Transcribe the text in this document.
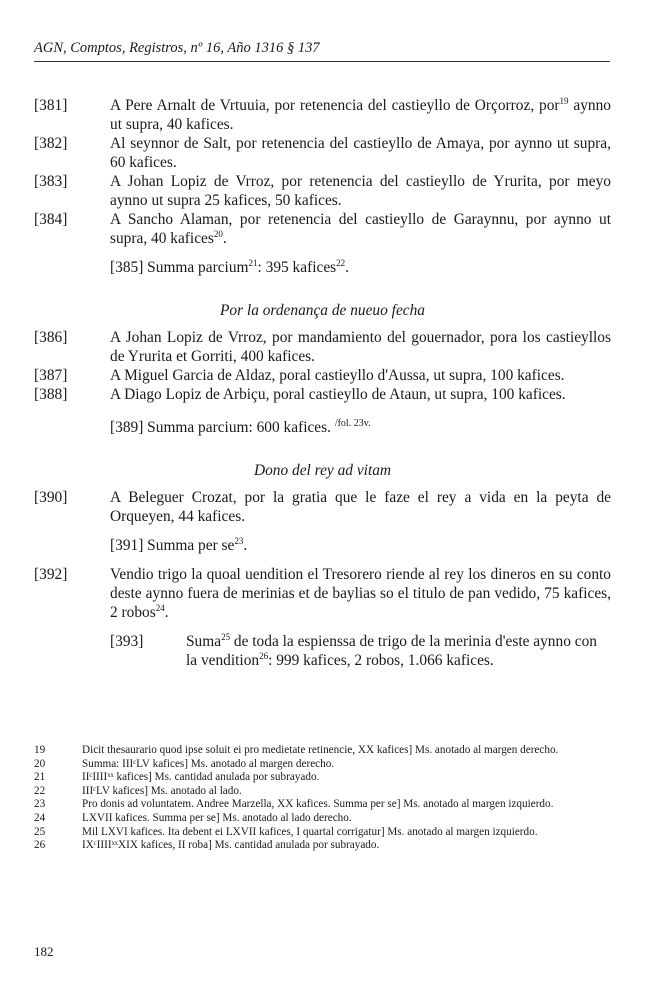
AGN, Comptos, Registros, nº 16, Año 1316 § 137
[381]	A Pere Arnalt de Vrtuuia, por retenencia del castieyllo de Orçorroz, por$^{19}$ aynno ut supra, 40 kafices.
[382]	Al seynnor de Salt, por retenencia del castieyllo de Amaya, por aynno ut supra, 60 kafices.
[383]	A Johan Lopiz de Vrroz, por retenencia del castieyllo de Yrurita, por meyo aynno ut supra 25 kafices, 50 kafices.
[384]	A Sancho Alaman, por retenencia del castieyllo de Garaynnu, por aynno ut supra, 40 kafices$^{20}$.
[385] Summa parcium$^{21}$: 395 kafices$^{22}$.
Por la ordenança de nueuo fecha
[386]	A Johan Lopiz de Vrroz, por mandamiento del gouernador, pora los castieyllos de Yrurita et Gorriti, 400 kafices.
[387]	A Miguel Garcia de Aldaz, poral castieyllo d'Aussa, ut supra, 100 kafices.
[388]	A Diago Lopiz de Arbiçu, poral castieyllo de Ataun, ut supra, 100 kafices.
[389] Summa parcium: 600 kafices. $^{/fol. 23v.}$
Dono del rey ad vitam
[390]	A Beleguer Crozat, por la gratia que le faze el rey a vida en la peyta de Orqueyen, 44 kafices.
[391] Summa per $se^{23}$.
[392]	Vendio trigo la quoal uendition el Tresorero riende al rey los dineros en su conto deste aynno fuera de merinias et de baylias so el titulo de pan vedido, 75 kafices, 2 robos$^{24}$.
[393]	Suma$^{25}$ de toda la espienssa de trigo de la merinia d'este aynno con la vendition$^{26}$: 999 kafices, 2 robos, 1.066 kafices.
19	Dicit thesaurario quod ipse soluit ei pro medietate retinencie, XX kafices] Ms. anotado al margen derecho.
20	Summa: IIIᶜLV kafices] Ms. anotado al margen derecho.
21	IIᶜIIIIˣˣ kafices] Ms. cantidad anulada por subrayado.
22	IIIᶜLV kafices] Ms. anotado al lado.
23	Pro donis ad voluntatem. Andree Marzella, XX kafices. Summa per se] Ms. anotado al margen izquierdo.
24	LXVII kafices. Summa per se] Ms. anotado al lado derecho.
25	Mil LXVI kafices. Ita debent ei LXVII kafices, I quartal corrigatur] Ms. anotado al margen izquierdo.
26	IXᶜIIIIˣˣXIX kafices, II roba] Ms. cantidad anulada por subrayado.
182
